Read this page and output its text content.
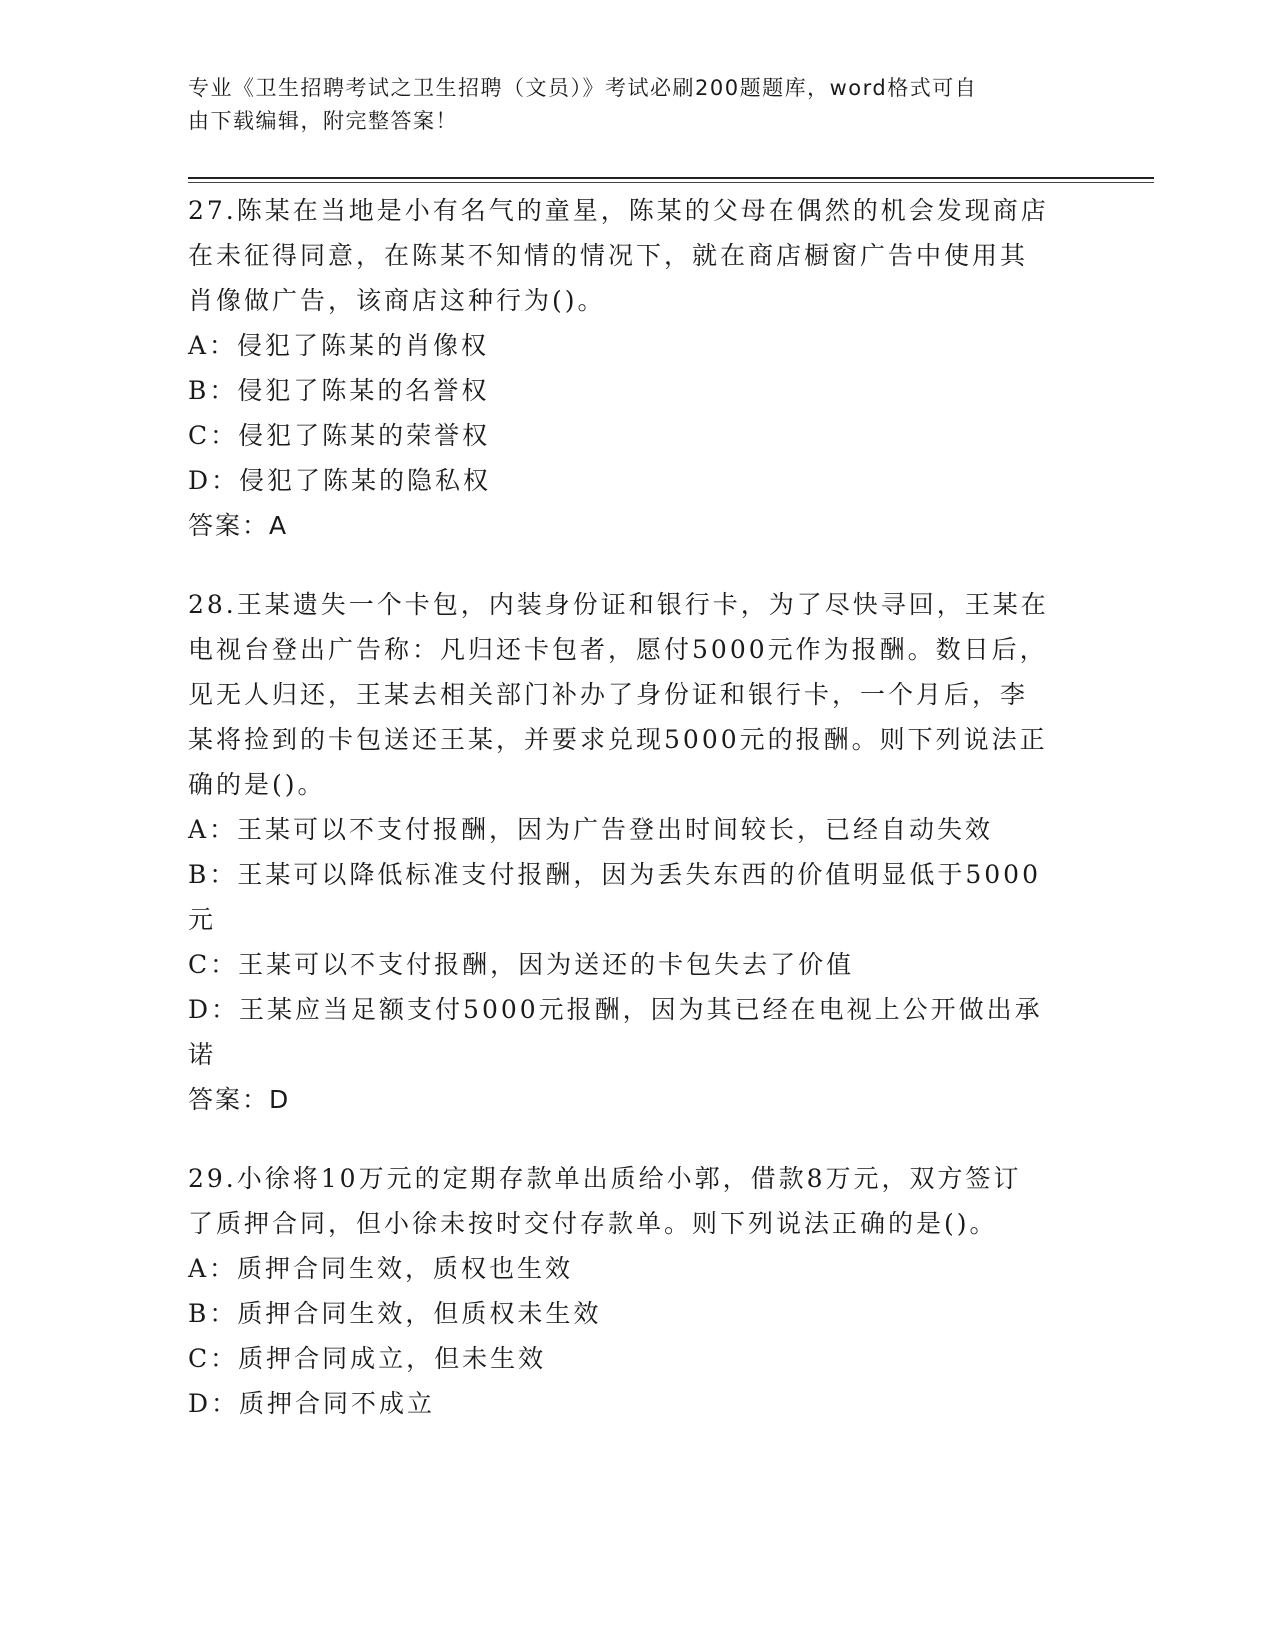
专业《卫生招聘考试之卫生招聘（文员）》考试必刷200题题库，word格式可自
由下载编辑，附完整答案！

27.陈某在当地是小有名气的童星，陈某的父母在偶然的机会发现商店

在未征得同意，在陈某不知情的情况下，就在商店橱窗广告中使用其

肖像做广告，该商店这种行为()。

A：侵犯了陈某的肖像权

B：侵犯了陈某的名誉权

C：侵犯了陈某的荣誉权

D：侵犯了陈某的隐私权

答案：A

28.王某遗失一个卡包，内装身份证和银行卡，为了尽快寻回，王某在

电视台登出广告称：凡归还卡包者，愿付5000元作为报酬。数日后，

见无人归还，王某去相关部门补办了身份证和银行卡，一个月后，李

某将捡到的卡包送还王某，并要求兑现5000元的报酬。则下列说法正

确的是()。

A：王某可以不支付报酬，因为广告登出时间较长，已经自动失效

B：王某可以降低标准支付报酬，因为丢失东西的价值明显低于5000

元

C：王某可以不支付报酬，因为送还的卡包失去了价值

D：王某应当足额支付5000元报酬，因为其已经在电视上公开做出承

诺

答案：D

29.小徐将10万元的定期存款单出质给小郭，借款8万元，双方签订

了质押合同，但小徐未按时交付存款单。则下列说法正确的是()。

A：质押合同生效，质权也生效

B：质押合同生效，但质权未生效

C：质押合同成立，但未生效

D：质押合同不成立
